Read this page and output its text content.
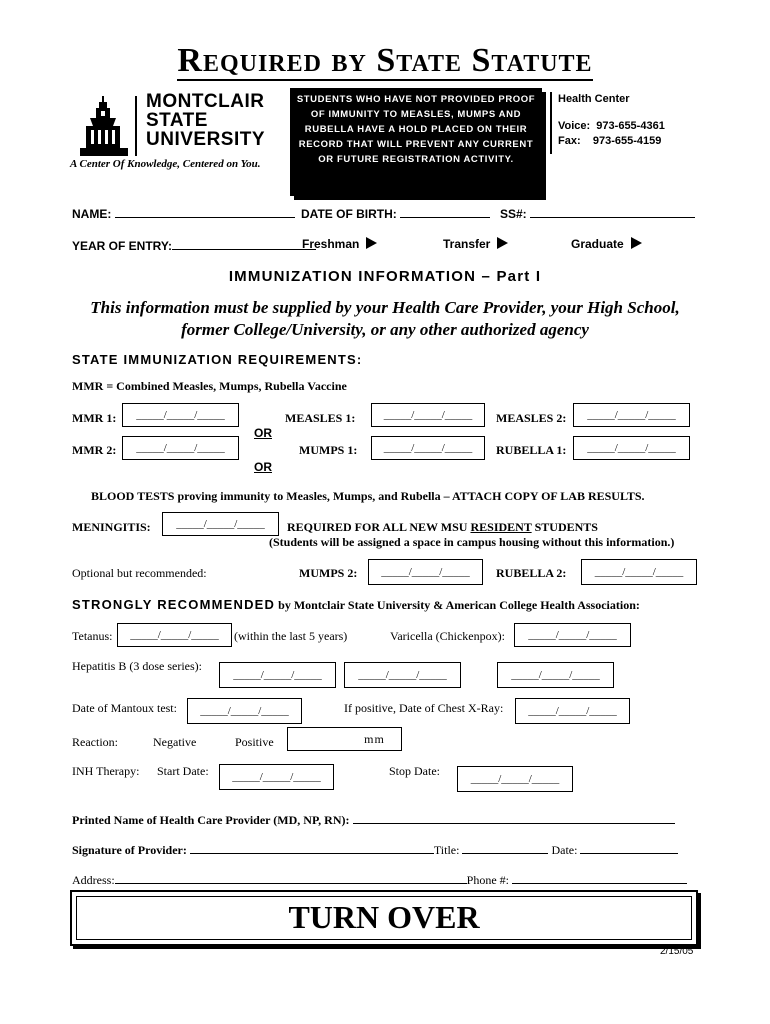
Required by State Statute
MONTCLAIR
STATE
UNIVERSITY
A Center Of Knowledge, Centered on You.
STUDENTS WHO HAVE NOT PROVIDED PROOF OF IMMUNITY TO MEASLES, MUMPS AND RUBELLA HAVE A HOLD PLACED ON THEIR RECORD THAT WILL PREVENT ANY CURRENT OR FUTURE REGISTRATION ACTIVITY.
Health Center
Voice:  973-655-4361
Fax:    973-655-4159
NAME:	DATE OF BIRTH:	SS#:
YEAR OF ENTRY:	Freshman	Transfer	Graduate
IMMUNIZATION INFORMATION – Part I
This information must be supplied by your Health Care Provider, your High School,
former College/University, or any other authorized agency
STATE IMMUNIZATION REQUIREMENTS:
MMR = Combined Measles, Mumps, Rubella Vaccine
MMR 1:	_____/_____/_____	MEASLES 1:	_____/_____/_____	MEASLES 2:	_____/_____/_____
OR
MMR 2:	_____/_____/_____	MUMPS 1:	_____/_____/_____	RUBELLA 1:	_____/_____/_____
OR
BLOOD TESTS proving immunity to Measles, Mumps, and Rubella – ATTACH COPY OF LAB RESULTS.
MENINGITIS:	_____/_____/_____	REQUIRED FOR ALL NEW MSU RESIDENT STUDENTS
(Students will be assigned a space in campus housing without this information.)
Optional but recommended:	MUMPS 2:	_____/_____/_____	RUBELLA 2:	_____/_____/_____
STRONGLY RECOMMENDED by Montclair State University & American College Health Association:
Tetanus:	_____/_____/_____	(within the last 5 years)	Varicella (Chickenpox):	_____/_____/_____
Hepatitis B (3 dose series):
_____/_____/_____	_____/_____/_____	_____/_____/_____
Date of Mantoux test:	_____/_____/_____	If positive, Date of Chest X-Ray:	_____/_____/_____
Reaction:	Negative	Positive	mm
INH Therapy: Start Date:	_____/_____/_____	Stop Date:
_____/_____/_____
Printed Name of Health Care Provider (MD, NP, RN):
Signature of Provider:	Title:	Date:
Address:	Phone #:
TURN OVER
2/15/05
